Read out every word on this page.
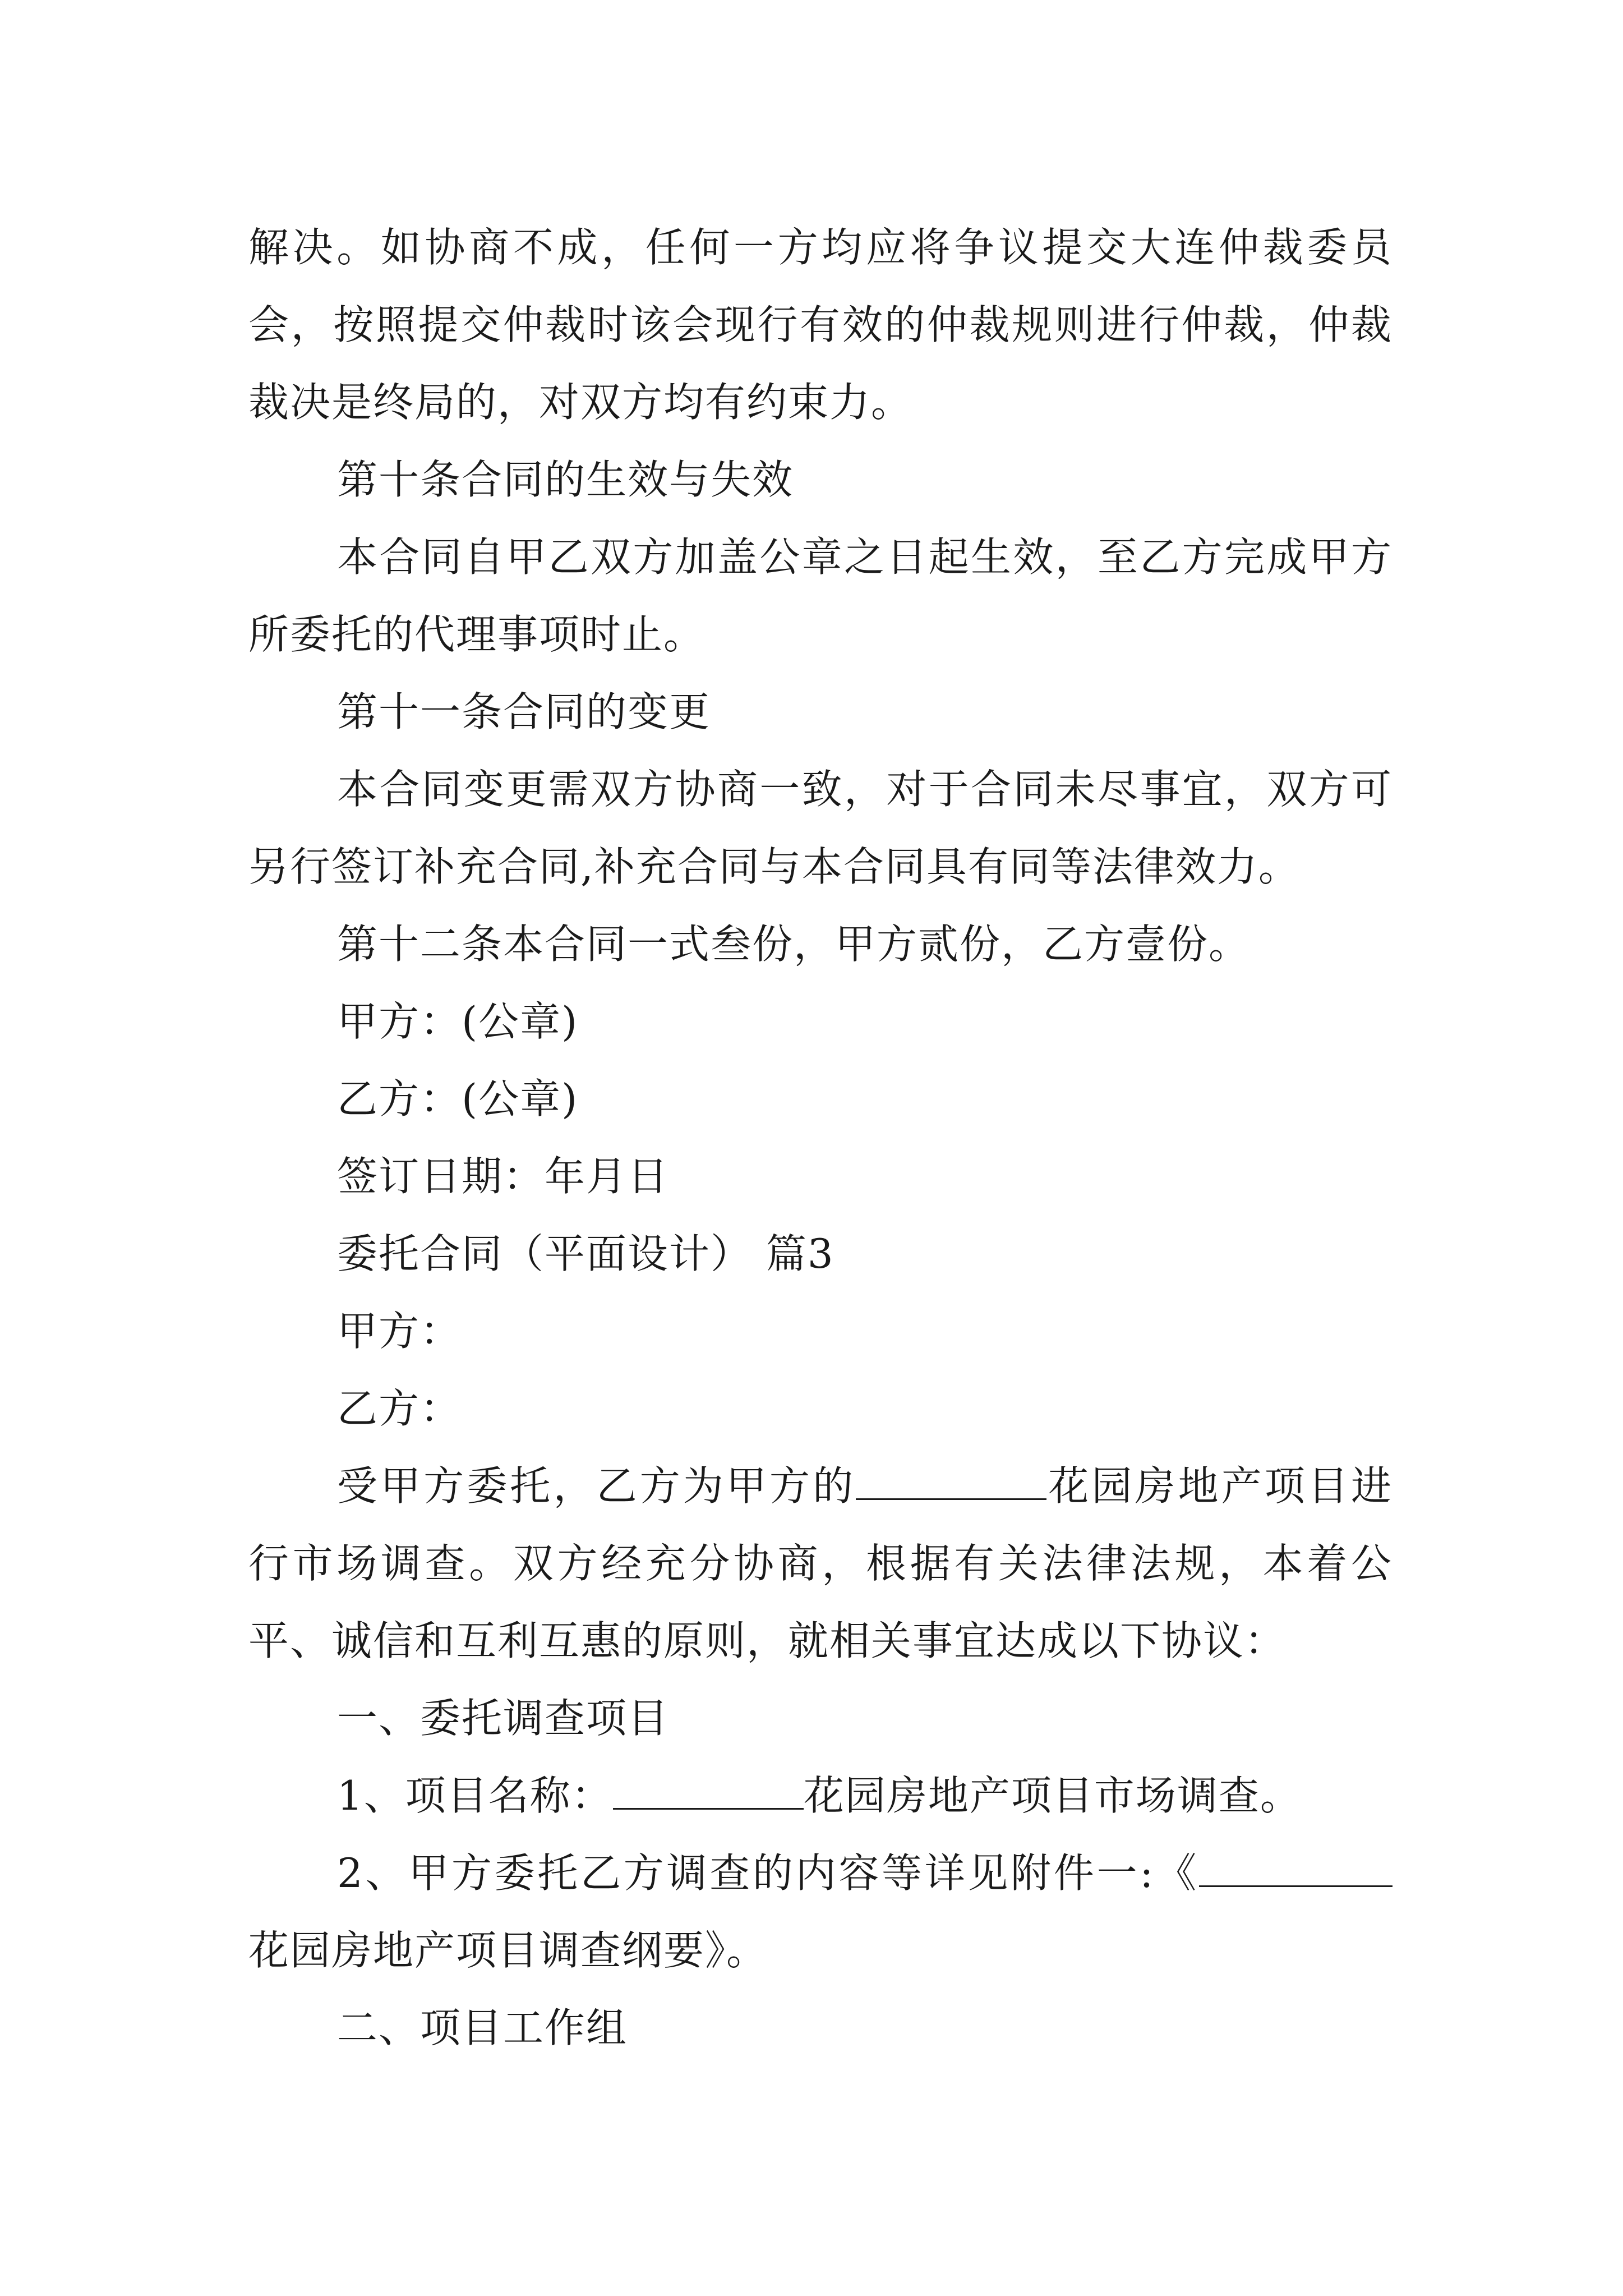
解决。如协商不成，任何一方均应将争议提交大连仲裁委员会，按照提交仲裁时该会现行有效的仲裁规则进行仲裁，仲裁裁决是终局的，对双方均有约束力。

第十条合同的生效与失效

本合同自甲乙双方加盖公章之日起生效，至乙方完成甲方所委托的代理事项时止。

第十一条合同的变更

本合同变更需双方协商一致，对于合同未尽事宜，双方可另行签订补充合同,补充合同与本合同具有同等法律效力。

第十二条本合同一式叁份，甲方贰份，乙方壹份。

甲方：(公章)

乙方：(公章)

签订日期：年月日

委托合同（平面设计） 篇3

甲方：

乙方：

受甲方委托，乙方为甲方的	花园房地产项目进行市场调查。双方经充分协商，根据有关法律法规，本着公平、诚信和互利互惠的原则，就相关事宜达成以下协议：

一、委托调查项目

1、项目名称：	花园房地产项目市场调查。

2、甲方委托乙方调查的内容等详见附件一:《花园房地产项目调查纲要》。

二、项目工作组
